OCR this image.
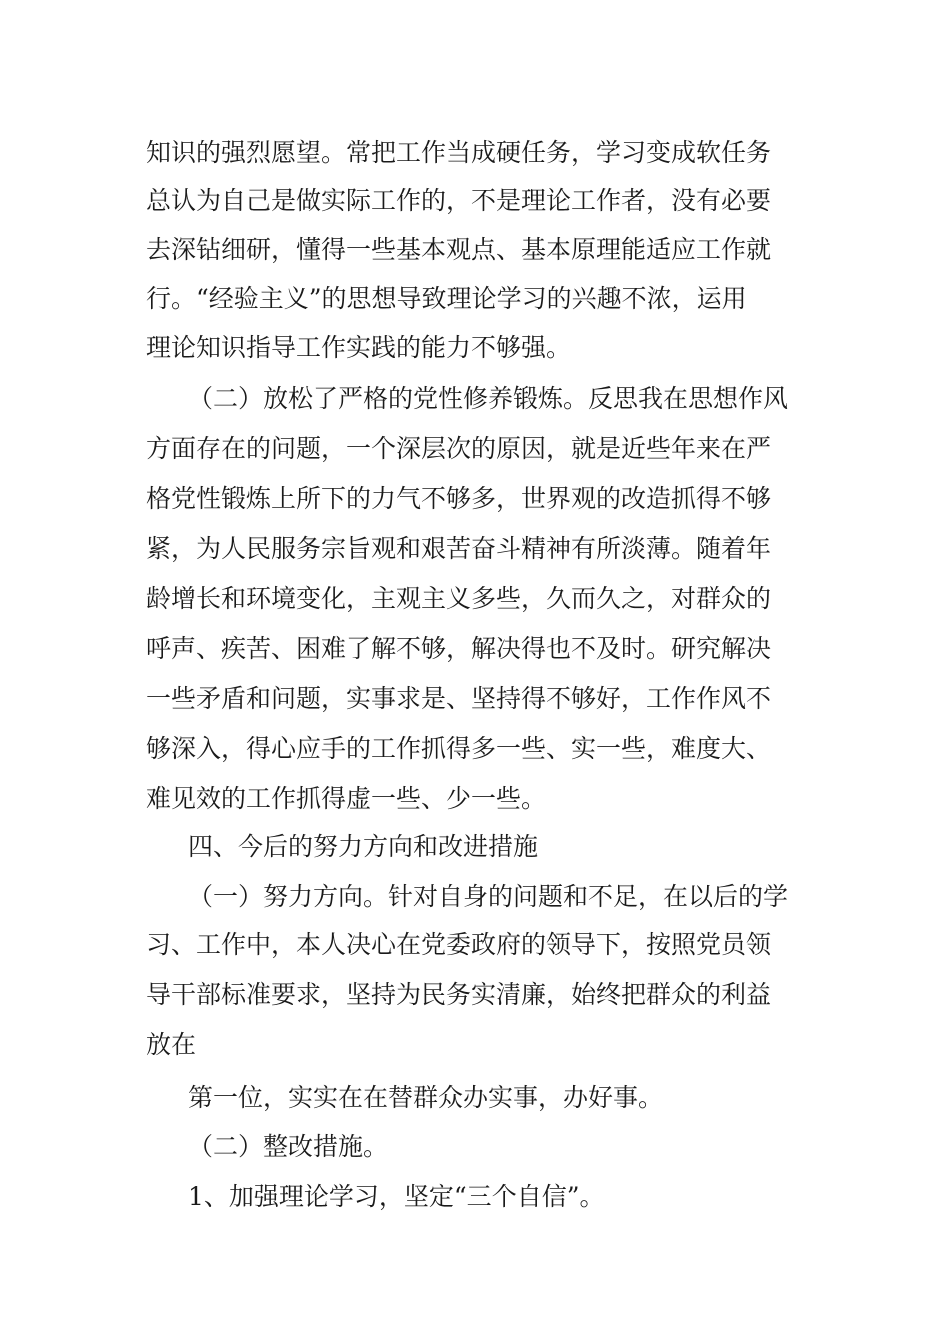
知识的强烈愿望。常把工作当成硬任务，学习变成软任务
总认为自己是做实际工作的，不是理论工作者，没有必要
去深钻细研，懂得一些基本观点、基本原理能适应工作就
行。“经验主义”的思想导致理论学习的兴趣不浓，运用
理论知识指导工作实践的能力不够强。
（二）放松了严格的党性修养锻炼。反思我在思想作风
方面存在的问题，一个深层次的原因，就是近些年来在严
格党性锻炼上所下的力气不够多，世界观的改造抓得不够
紧，为人民服务宗旨观和艰苦奋斗精神有所淡薄。随着年
龄增长和环境变化，主观主义多些，久而久之，对群众的
呼声、疾苦、困难了解不够，解决得也不及时。研究解决
一些矛盾和问题，实事求是、坚持得不够好，工作作风不
够深入，得心应手的工作抓得多一些、实一些，难度大、
难见效的工作抓得虚一些、少一些。
四、今后的努力方向和改进措施
（一）努力方向。针对自身的问题和不足，在以后的学
习、工作中，本人决心在党委政府的领导下，按照党员领
导干部标准要求，坚持为民务实清廉，始终把群众的利益
放在
第一位，实实在在替群众办实事，办好事。
（二）整改措施。
1、加强理论学习，坚定“三个自信”。
